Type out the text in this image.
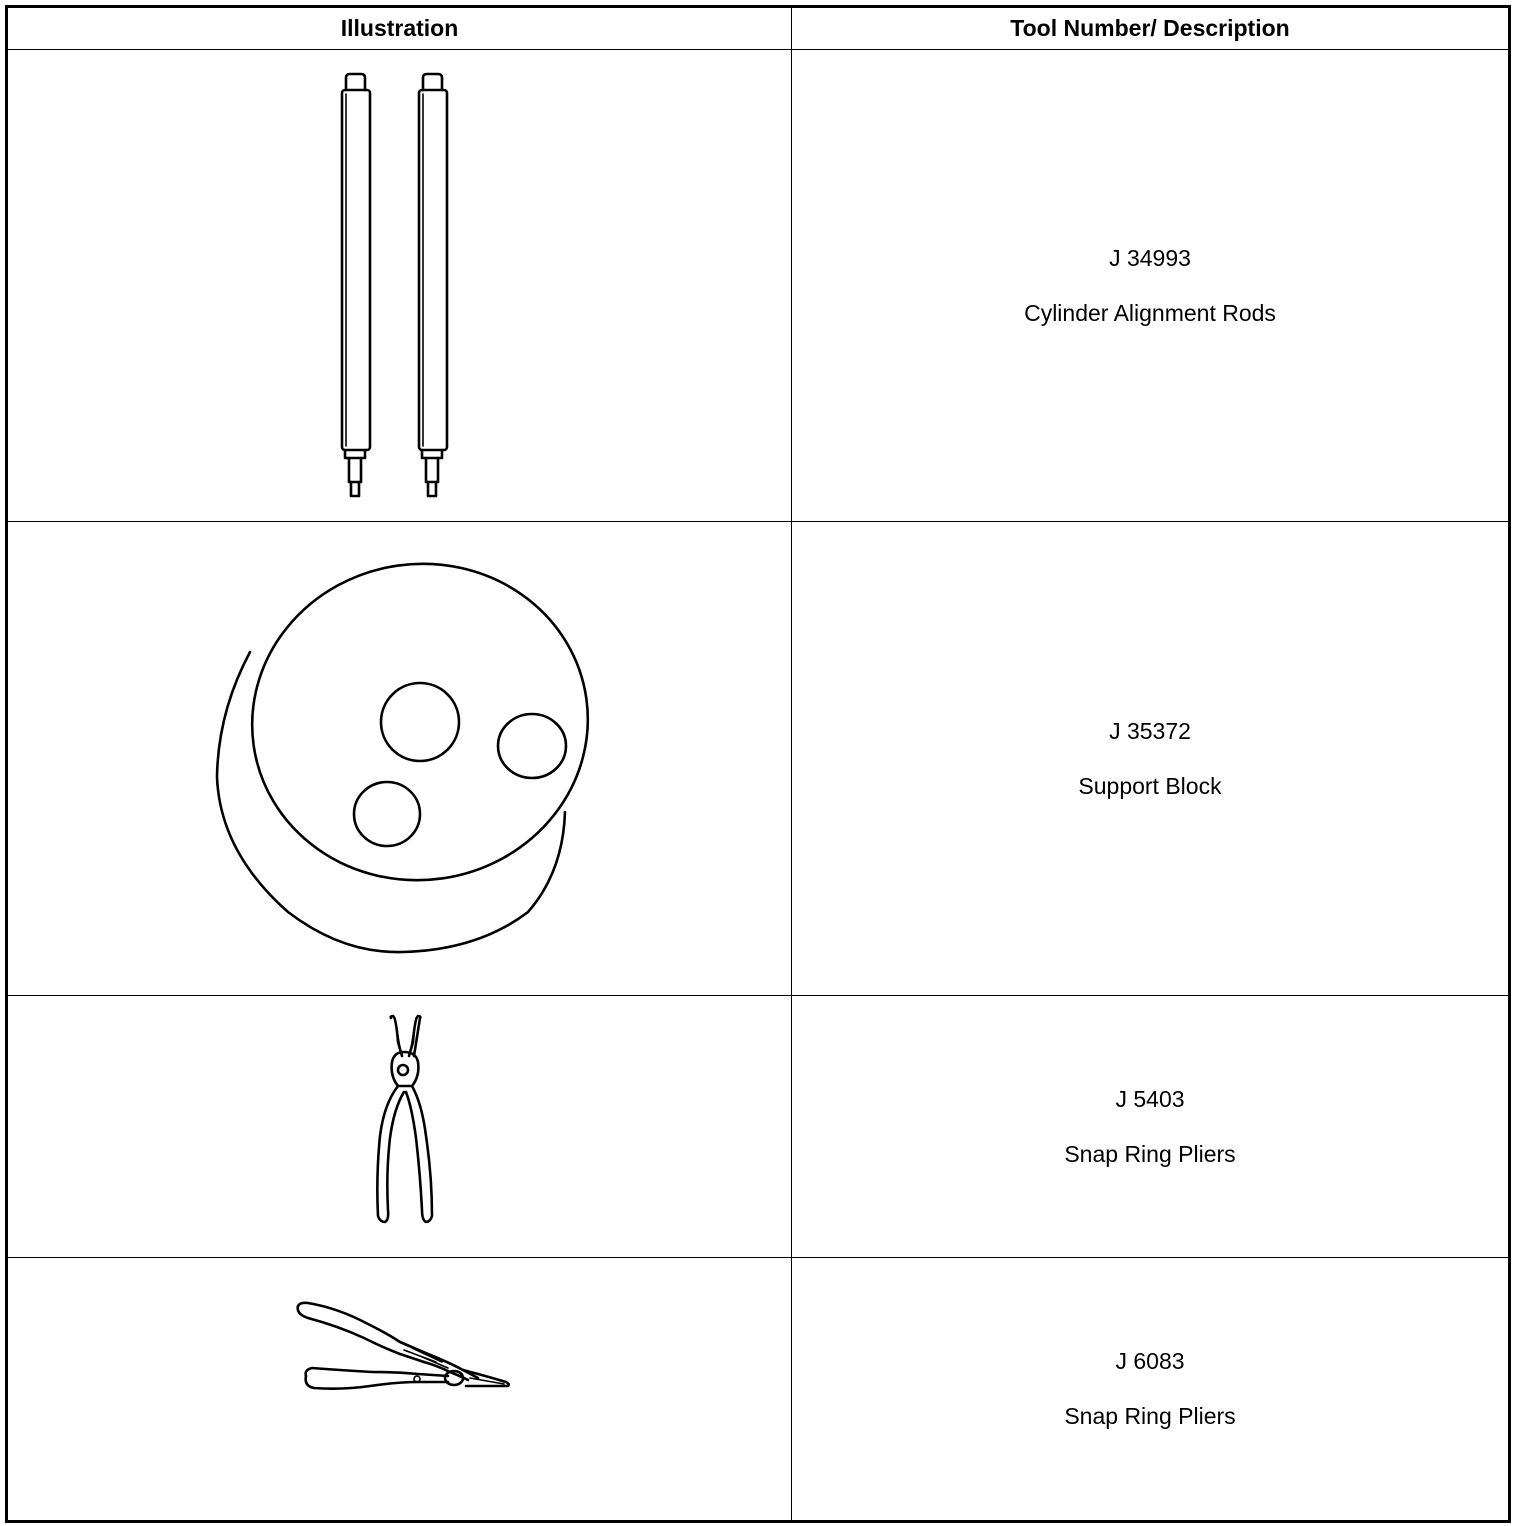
Illustration	Tool Number/ Description

J 34993
Cylinder Alignment Rods

J 35372
Support Block

J 5403
Snap Ring Pliers

J 6083
Snap Ring Pliers
